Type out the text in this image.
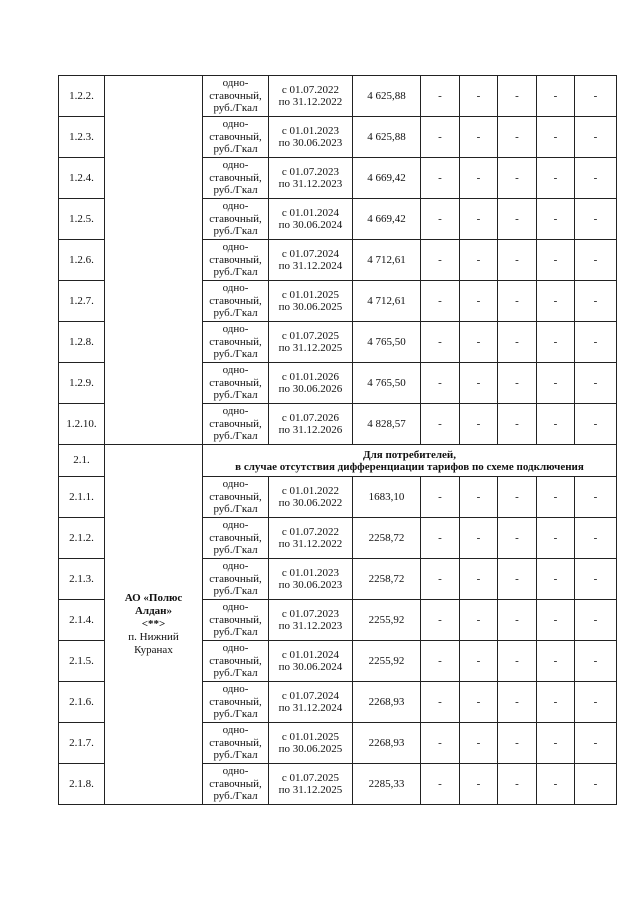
1.2.2.		одно-
ставочный,
руб./Гкал	с 01.07.2022
по 31.12.2022	4 625,88	-	-	-	-	-
1.2.3.		одно-
ставочный,
руб./Гкал	с 01.01.2023
по 30.06.2023	4 625,88	-	-	-	-	-
1.2.4.		одно-
ставочный,
руб./Гкал	с 01.07.2023
по 31.12.2023	4 669,42	-	-	-	-	-
1.2.5.		одно-
ставочный,
руб./Гкал	с 01.01.2024
по 30.06.2024	4 669,42	-	-	-	-	-
1.2.6.		одно-
ставочный,
руб./Гкал	с 01.07.2024
по 31.12.2024	4 712,61	-	-	-	-	-
1.2.7.		одно-
ставочный,
руб./Гкал	с 01.01.2025
по 30.06.2025	4 712,61	-	-	-	-	-
1.2.8.		одно-
ставочный,
руб./Гкал	с 01.07.2025
по 31.12.2025	4 765,50	-	-	-	-	-
1.2.9.		одно-
ставочный,
руб./Гкал	с 01.01.2026
по 30.06.2026	4 765,50	-	-	-	-	-
1.2.10.		одно-
ставочный,
руб./Гкал	с 01.07.2026
по 31.12.2026	4 828,57	-	-	-	-	-
2.1.	АО «Полюс
Алдан»
<**>
п. Нижний
Куранах	Для потребителей,
в случае отсутствия дифференциации тарифов по схеме подключения							
2.1.1.		одно-
ставочный,
руб./Гкал	с 01.01.2022
по 30.06.2022	1683,10	-	-	-	-	-
2.1.2.		одно-
ставочный,
руб./Гкал	с 01.07.2022
по 31.12.2022	2258,72	-	-	-	-	-
2.1.3.		одно-
ставочный,
руб./Гкал	с 01.01.2023
по 30.06.2023	2258,72	-	-	-	-	-
2.1.4.		одно-
ставочный,
руб./Гкал	с 01.07.2023
по 31.12.2023	2255,92	-	-	-	-	-
2.1.5.		одно-
ставочный,
руб./Гкал	с 01.01.2024
по 30.06.2024	2255,92	-	-	-	-	-
2.1.6.		одно-
ставочный,
руб./Гкал	с 01.07.2024
по 31.12.2024	2268,93	-	-	-	-	-
2.1.7.		одно-
ставочный,
руб./Гкал	с 01.01.2025
по 30.06.2025	2268,93	-	-	-	-	-
2.1.8.		одно-
ставочный,
руб./Гкал	с 01.07.2025
по 31.12.2025	2285,33	-	-	-	-	-
